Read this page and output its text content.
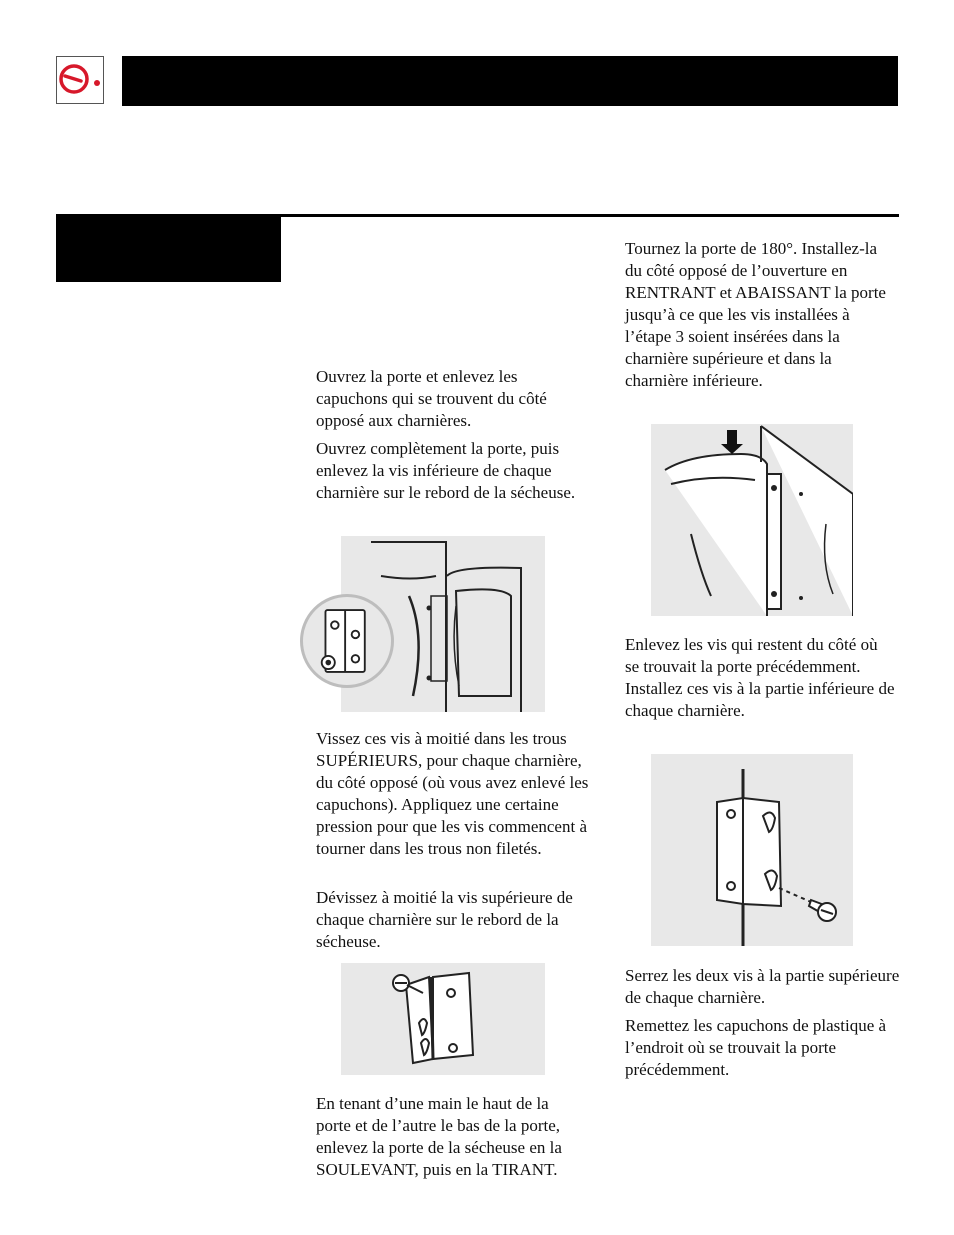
Ouvrez la porte et enlevez les capuchons qui se trouvent du côté opposé aux charnières.

Ouvrez complètement la porte, puis enlevez la vis inférieure de chaque charnière sur le rebord de la sécheuse.

Vissez ces vis à moitié dans les trous SUPÉRIEURS, pour chaque charnière, du côté opposé (où vous avez enlevé les capuchons). Appliquez une certaine pression pour que les vis commencent à tourner dans les trous non filetés.

Dévissez à moitié la vis supérieure de chaque charnière sur le rebord de la sécheuse.

En tenant d’une main le haut de la porte et de l’autre le bas de la porte, enlevez la porte de la sécheuse en la SOULEVANT, puis en la TIRANT.

Tournez la porte de 180°. Installez-la du côté opposé de l’ouverture en RENTRANT et ABAISSANT la porte jusqu’à ce que les vis installées à l’étape 3 soient insérées dans la charnière supérieure et dans la charnière inférieure.

Enlevez les vis qui restent du côté où se trouvait la porte précédemment. Installez ces vis à la partie inférieure de chaque charnière.

Serrez les deux vis à la partie supérieure de chaque charnière.

Remettez les capuchons de plastique à l’endroit où se trouvait la porte précédemment.
